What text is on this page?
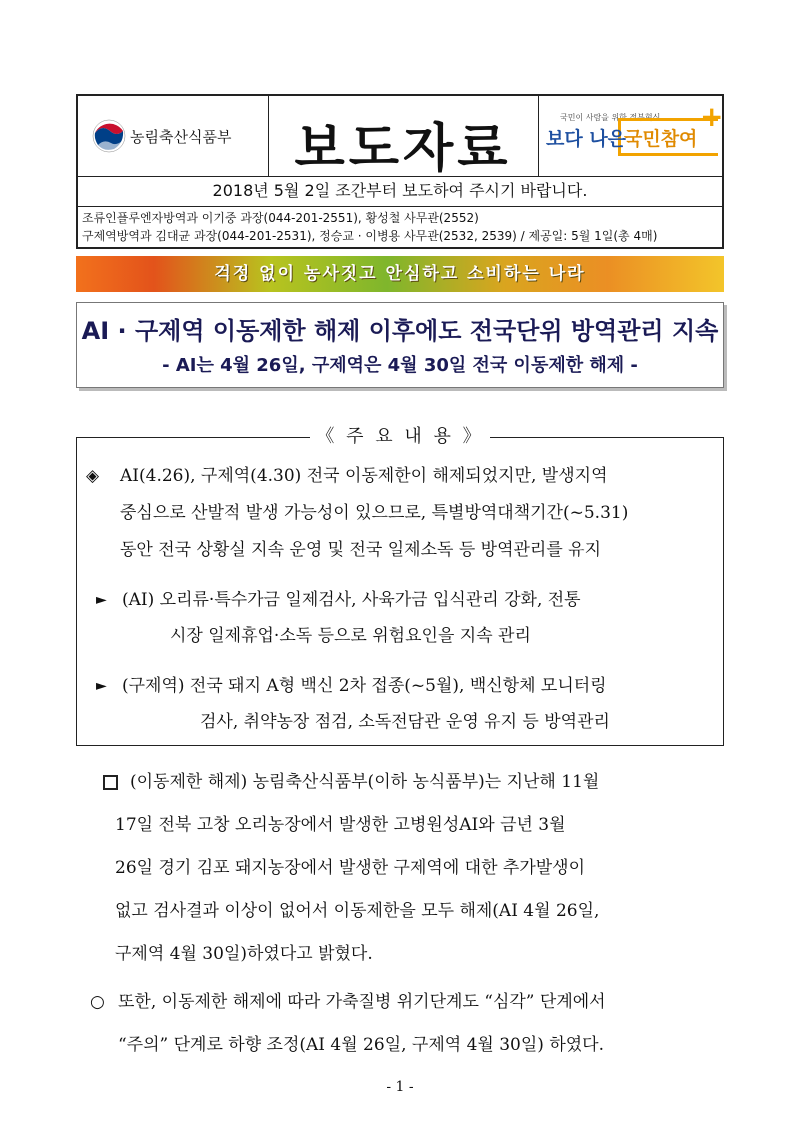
농림축산식품부	보도자료
국민이 사람을 위한 정부혁신 +
보다 나은
국민참여
2018년 5월 2일 조간부터 보도하여 주시기 바랍니다.
조류인플루엔자방역과 이기중 과장(044-201-2551), 황성철 사무관(2552)
구제역방역과 김대균 과장(044-201-2531), 정승교 · 이병용 사무관(2532, 2539) / 제공일: 5월 1일(총 4매)
걱정 없이 농사짓고 안심하고 소비하는 나라
AI · 구제역 이동제한 해제 이후에도 전국단위 방역관리 지속
- AI는 4월 26일, 구제역은 4월 30일 전국 이동제한 해제 -
《 주 요 내 용 》
◈ AI(4.26), 구제역(4.30) 전국 이동제한이 해제되었지만, 발생지역
중심으로 산발적 발생 가능성이 있으므로, 특별방역대책기간(~5.31)
동안 전국 상황실 지속 운영 및 전국 일제소독 등 방역관리를 유지
► (AI) 오리류·특수가금 일제검사, 사육가금 입식관리 강화, 전통
시장 일제휴업·소독 등으로 위험요인을 지속 관리
► (구제역) 전국 돼지 A형 백신 2차 접종(~5월), 백신항체 모니터링
검사, 취약농장 점검, 소독전담관 운영 유지 등 방역관리
(이동제한 해제) 농림축산식품부(이하 농식품부)는 지난해 11월
17일 전북 고창 오리농장에서 발생한 고병원성AI와 금년 3월
26일 경기 김포 돼지농장에서 발생한 구제역에 대한 추가발생이
없고 검사결과 이상이 없어서 이동제한을 모두 해제(AI 4월 26일,
구제역 4월 30일)하였다고 밝혔다.
○ 또한, 이동제한 해제에 따라 가축질병 위기단계도 “심각” 단계에서
“주의” 단계로 하향 조정(AI 4월 26일, 구제역 4월 30일) 하였다.
- 1 -
